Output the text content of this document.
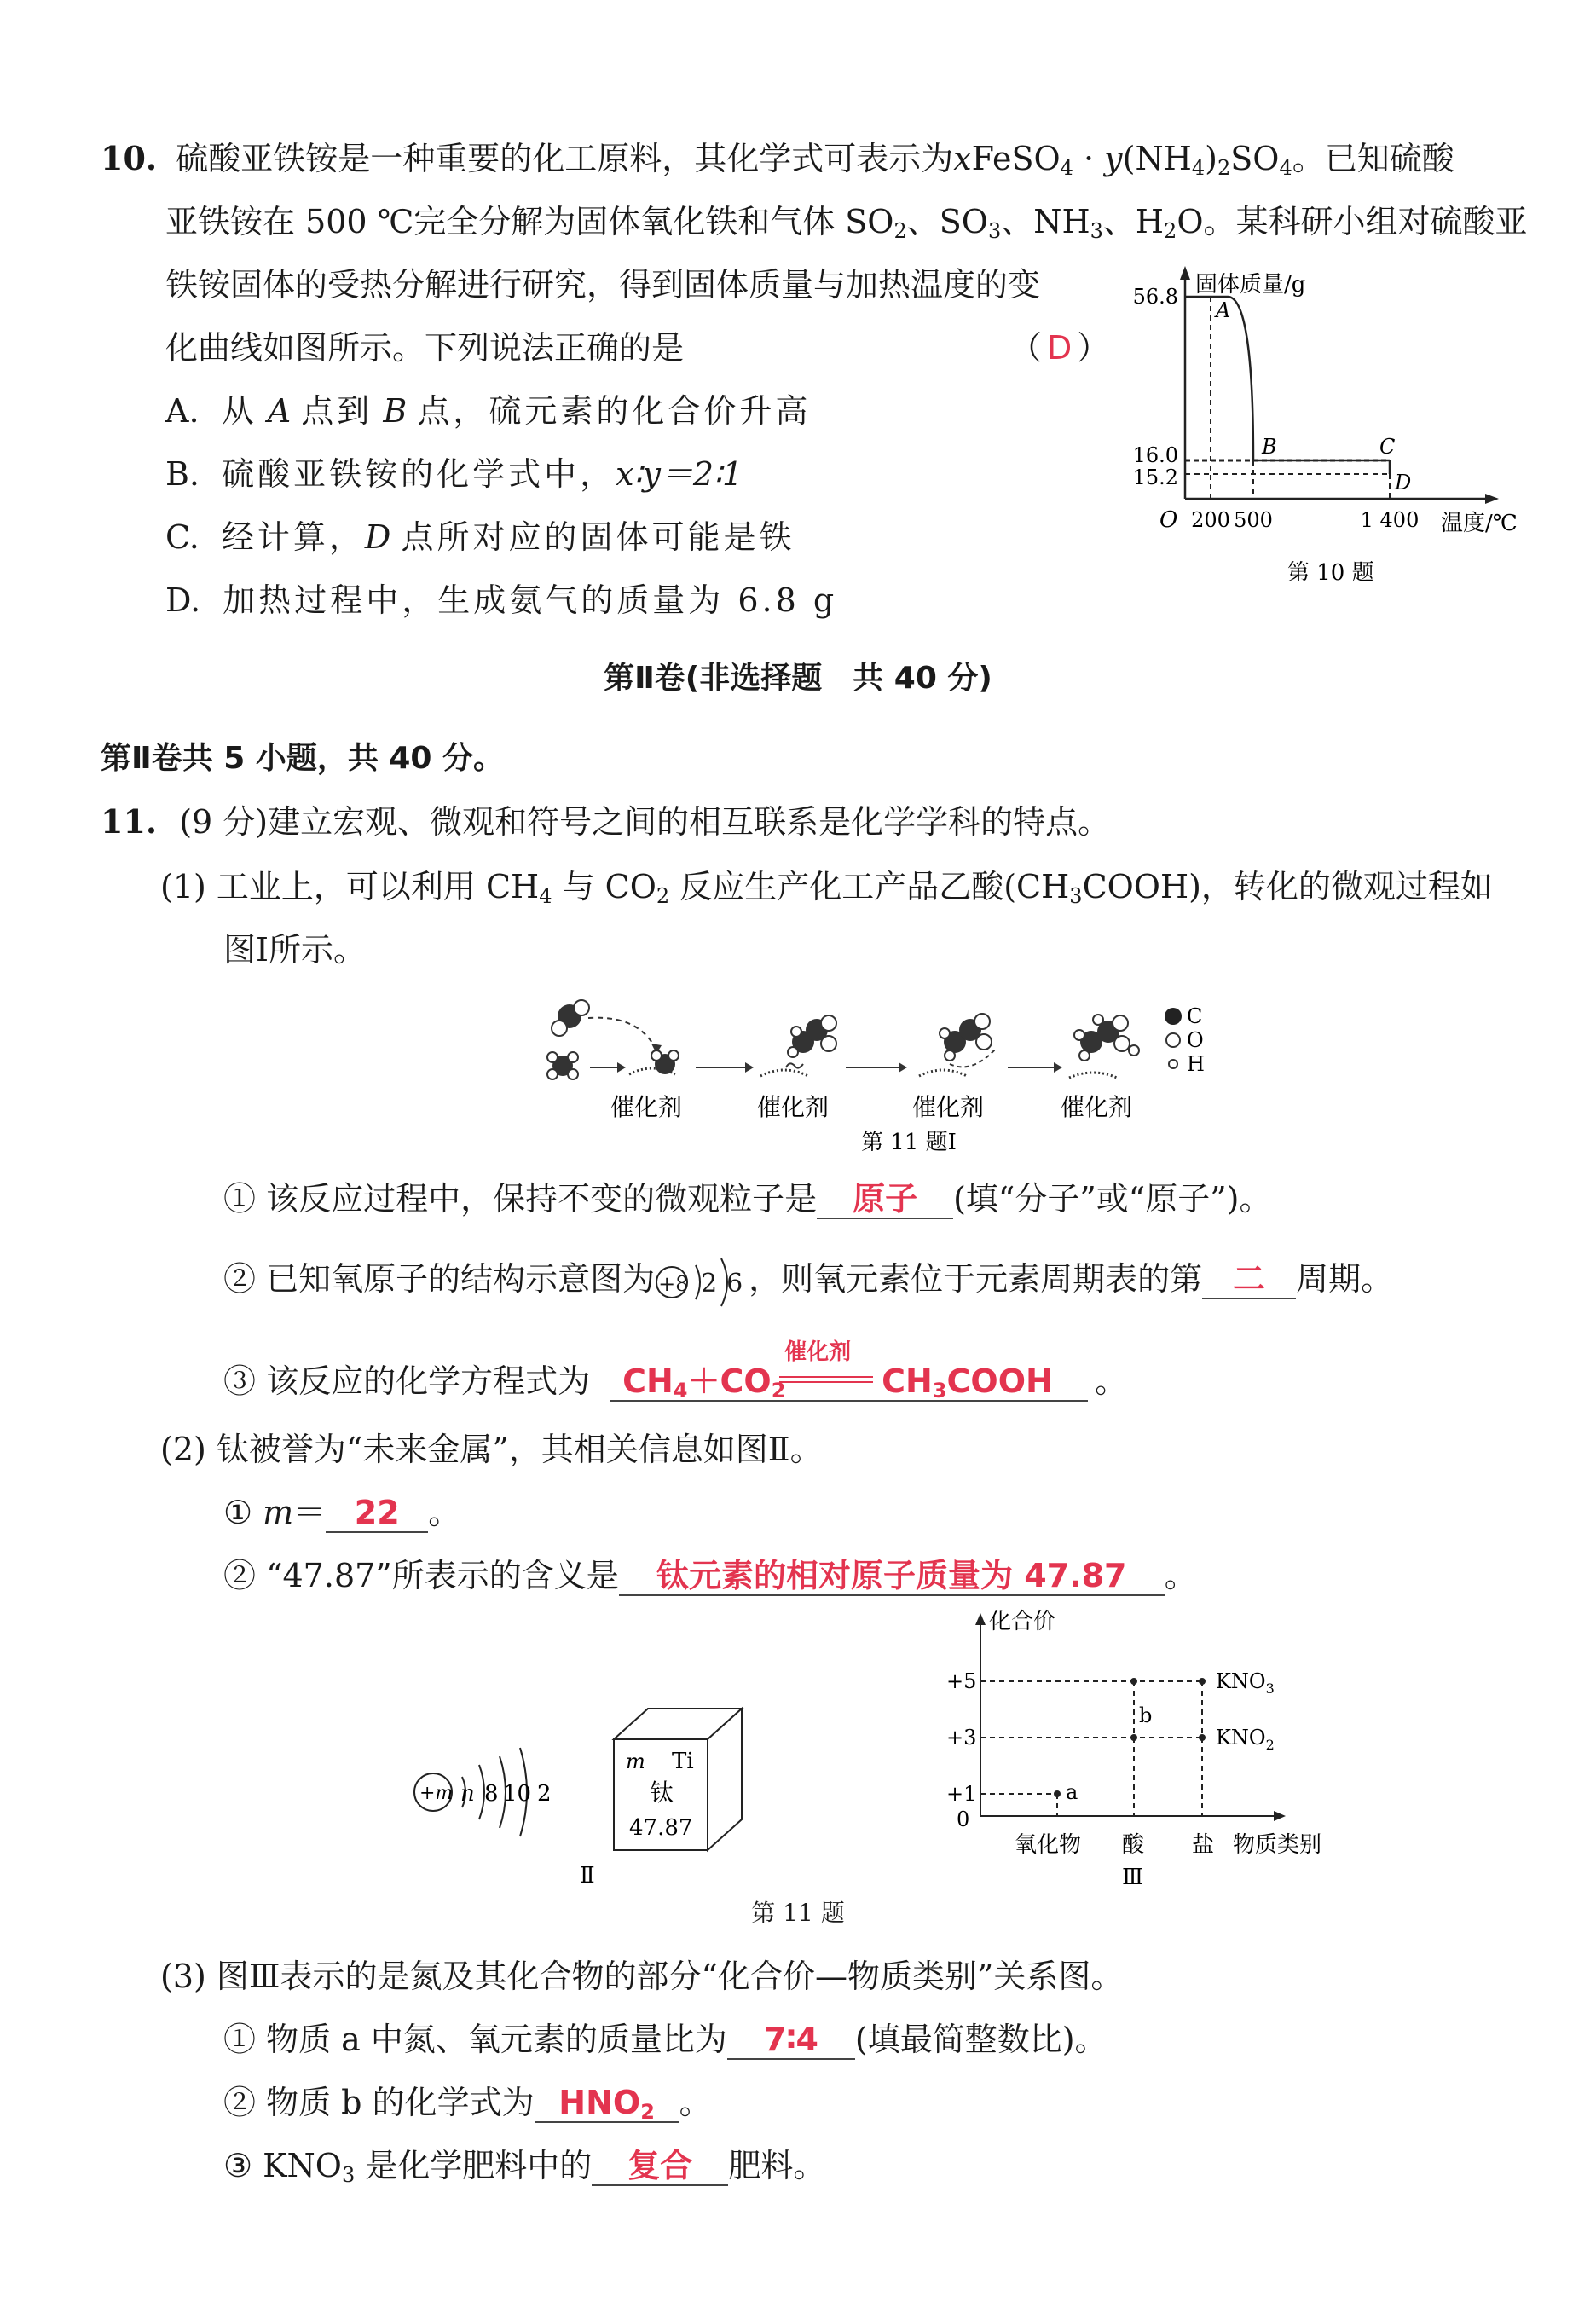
10. 硫酸亚铁铵是一种重要的化工原料，其化学式可表示为xFeSO$_4$ · $y(NH_4)_2SO_4$。已知硫酸
亚铁铵在 500 ℃完全分解为固体氧化铁和气体 $SO_2$、$SO_3$、$NH_3$、$H_2O$。某科研小组对硫酸亚
铁铵固体的受热分解进行研究，得到固体质量与加热温度的变
化曲线如图所示。下列说法正确的是	（ D ）
A. 从 A 点到 B 点，硫元素的化合价升高
B. 硫酸亚铁铵的化学式中，x∶y＝2∶1
C. 经计算，D 点所对应的固体可能是铁
D. 加热过程中，生成氨气的质量为 6.8 g
固体质量/g
温度/℃
O
A
B	C
D
56.8
16.0
15.2
200 500	1 400
第 10 题
第Ⅱ卷(非选择题　共 40 分)
第Ⅱ卷共 5 小题，共 40 分。
11. (9 分)建立宏观、微观和符号之间的相互联系是化学学科的特点。
(1) 工业上，可以利用 $CH_4$ 与 $CO_2$ 反应生产化工产品乙酸$(CH_3COOH)$，转化的微观过程如
图Ⅰ所示。
催化剂	催化剂	催化剂	催化剂
C
O
H
第 11 题Ⅰ
① 该反应过程中，保持不变的微观粒子是 原子 (填“分子”或“原子”)。
② 已知氧原子的结构示意图为 +8 2 6 ，则氧元素位于元素周期表的第 二 周期。
③ 该反应的化学方程式为 $CH_4+CO_2$
催化剂
$CH_3COOH$ 。
(2) 钛被誉为“未来金属”，其相关信息如图Ⅱ。
① m＝ 22 。
② “47.87”所表示的含义是 钛元素的相对原子质量为 47.87 。
+m n 8 10 2
m Ti
钛
47.87
Ⅱ
化合价
+5
+3
+1
0
a
b
$KNO_3$
$KNO_2$
氧化物 酸 盐 物质类别
Ⅲ
第 11 题
(3) 图Ⅲ表示的是氮及其化合物的部分“化合价—物质类别”关系图。
① 物质 a 中氮、氧元素的质量比为 7∶4 (填最简整数比)。
② 物质 b 的化学式为 $HNO_2$ 。
③ $KNO_3$ 是化学肥料中的 复合 肥料。
